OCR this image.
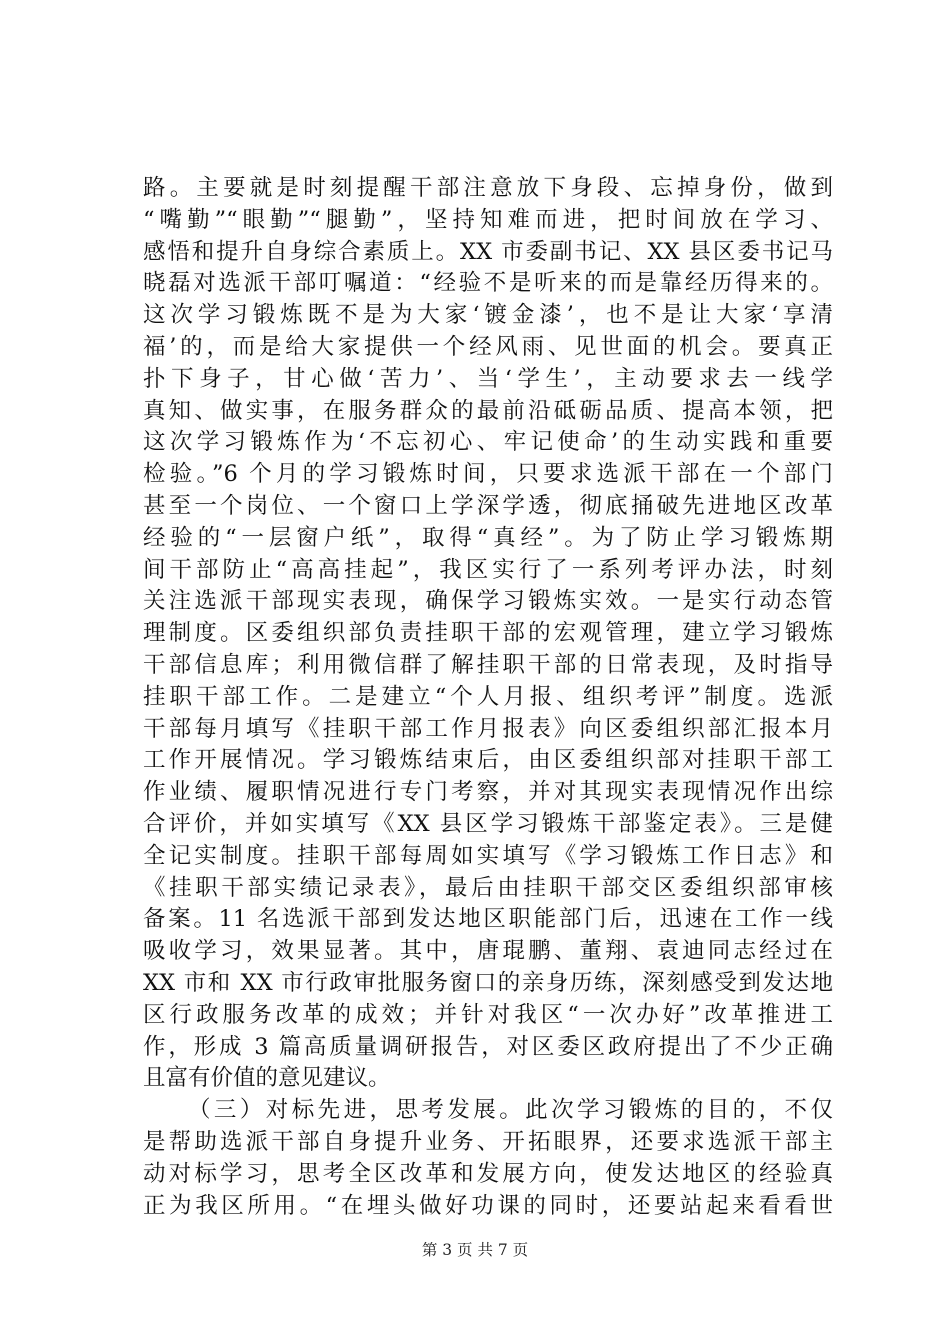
路。主要就是时刻提醒干部注意放下身段、忘掉身份，做到
“嘴勤”“眼勤”“腿勤”，坚持知难而进，把时间放在学习、
感悟和提升自身综合素质上。XX 市委副书记、XX 县区委书记马
晓磊对选派干部叮嘱道：“经验不是听来的而是靠经历得来的。
这次学习锻炼既不是为大家‘镀金漆’，也不是让大家‘享清
福’的，而是给大家提供一个经风雨、见世面的机会。要真正
扑下身子，甘心做‘苦力’、当‘学生’，主动要求去一线学
真知、做实事，在服务群众的最前沿砥砺品质、提高本领，把
这次学习锻炼作为‘不忘初心、牢记使命’的生动实践和重要
检验。”6 个月的学习锻炼时间，只要求选派干部在一个部门
甚至一个岗位、一个窗口上学深学透，彻底捅破先进地区改革
经验的“一层窗户纸”，取得“真经”。为了防止学习锻炼期
间干部防止“高高挂起”，我区实行了一系列考评办法，时刻
关注选派干部现实表现，确保学习锻炼实效。一是实行动态管
理制度。区委组织部负责挂职干部的宏观管理，建立学习锻炼
干部信息库；利用微信群了解挂职干部的日常表现，及时指导
挂职干部工作。二是建立“个人月报、组织考评”制度。选派
干部每月填写《挂职干部工作月报表》向区委组织部汇报本月
工作开展情况。学习锻炼结束后，由区委组织部对挂职干部工
作业绩、履职情况进行专门考察，并对其现实表现情况作出综
合评价，并如实填写《XX 县区学习锻炼干部鉴定表》。三是健
全记实制度。挂职干部每周如实填写《学习锻炼工作日志》和
《挂职干部实绩记录表》，最后由挂职干部交区委组织部审核
备案。11 名选派干部到发达地区职能部门后，迅速在工作一线
吸收学习，效果显著。其中，唐琨鹏、董翔、袁迪同志经过在
XX 市和 XX 市行政审批服务窗口的亲身历练，深刻感受到发达地
区行政服务改革的成效；并针对我区“一次办好”改革推进工
作，形成 3 篇高质量调研报告，对区委区政府提出了不少正确
且富有价值的意见建议。
（三）对标先进，思考发展。此次学习锻炼的目的，不仅
是帮助选派干部自身提升业务、开拓眼界，还要求选派干部主
动对标学习，思考全区改革和发展方向，使发达地区的经验真
正为我区所用。“在埋头做好功课的同时，还要站起来看看世
第 3 页 共 7 页
